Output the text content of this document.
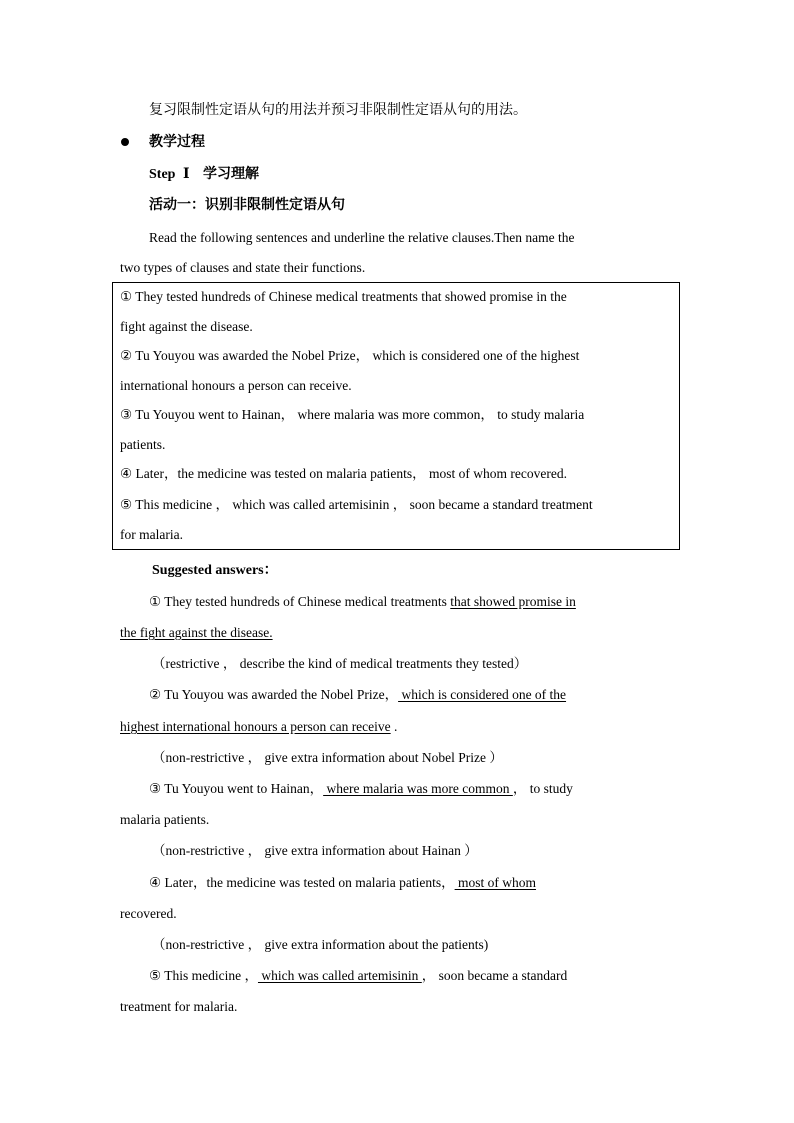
复习限制性定语从句的用法并预习非限制性定语从句的用法。
教学过程
Step Ⅰ 学习理解
活动一：识别非限制性定语从句
Read the following sentences and underline the relative clauses.Then name the
two types of clauses and state their functions.
① They tested hundreds of Chinese medical treatments that showed promise in the
fight against the disease.
② Tu Youyou was awarded the Nobel Prize， which is considered one of the highest
international honours a person can receive.
③ Tu Youyou went to Hainan， where malaria was more common， to study malaria
patients.
④ Later，the medicine was tested on malaria patients， most of whom recovered.
⑤ This medicine ， which was called artemisinin ， soon became a standard treatment
for malaria.
Suggested answers：
① They tested hundreds of Chinese medical treatments that showed promise in
the fight against the disease.
（restrictive ， describe the kind of medical treatments they tested）
② Tu Youyou was awarded the Nobel Prize， which is considered one of the
highest international honours a person can receive .
（non-restrictive ， give extra information about Nobel Prize ）
③ Tu Youyou went to Hainan， where malaria was more common ， to study
malaria patients.
（non-restrictive ， give extra information about Hainan ）
④ Later，the medicine was tested on malaria patients， most of whom
recovered.
（non-restrictive ， give extra information about the patients)
⑤ This medicine ， which was called artemisinin ， soon became a standard
treatment for malaria.
